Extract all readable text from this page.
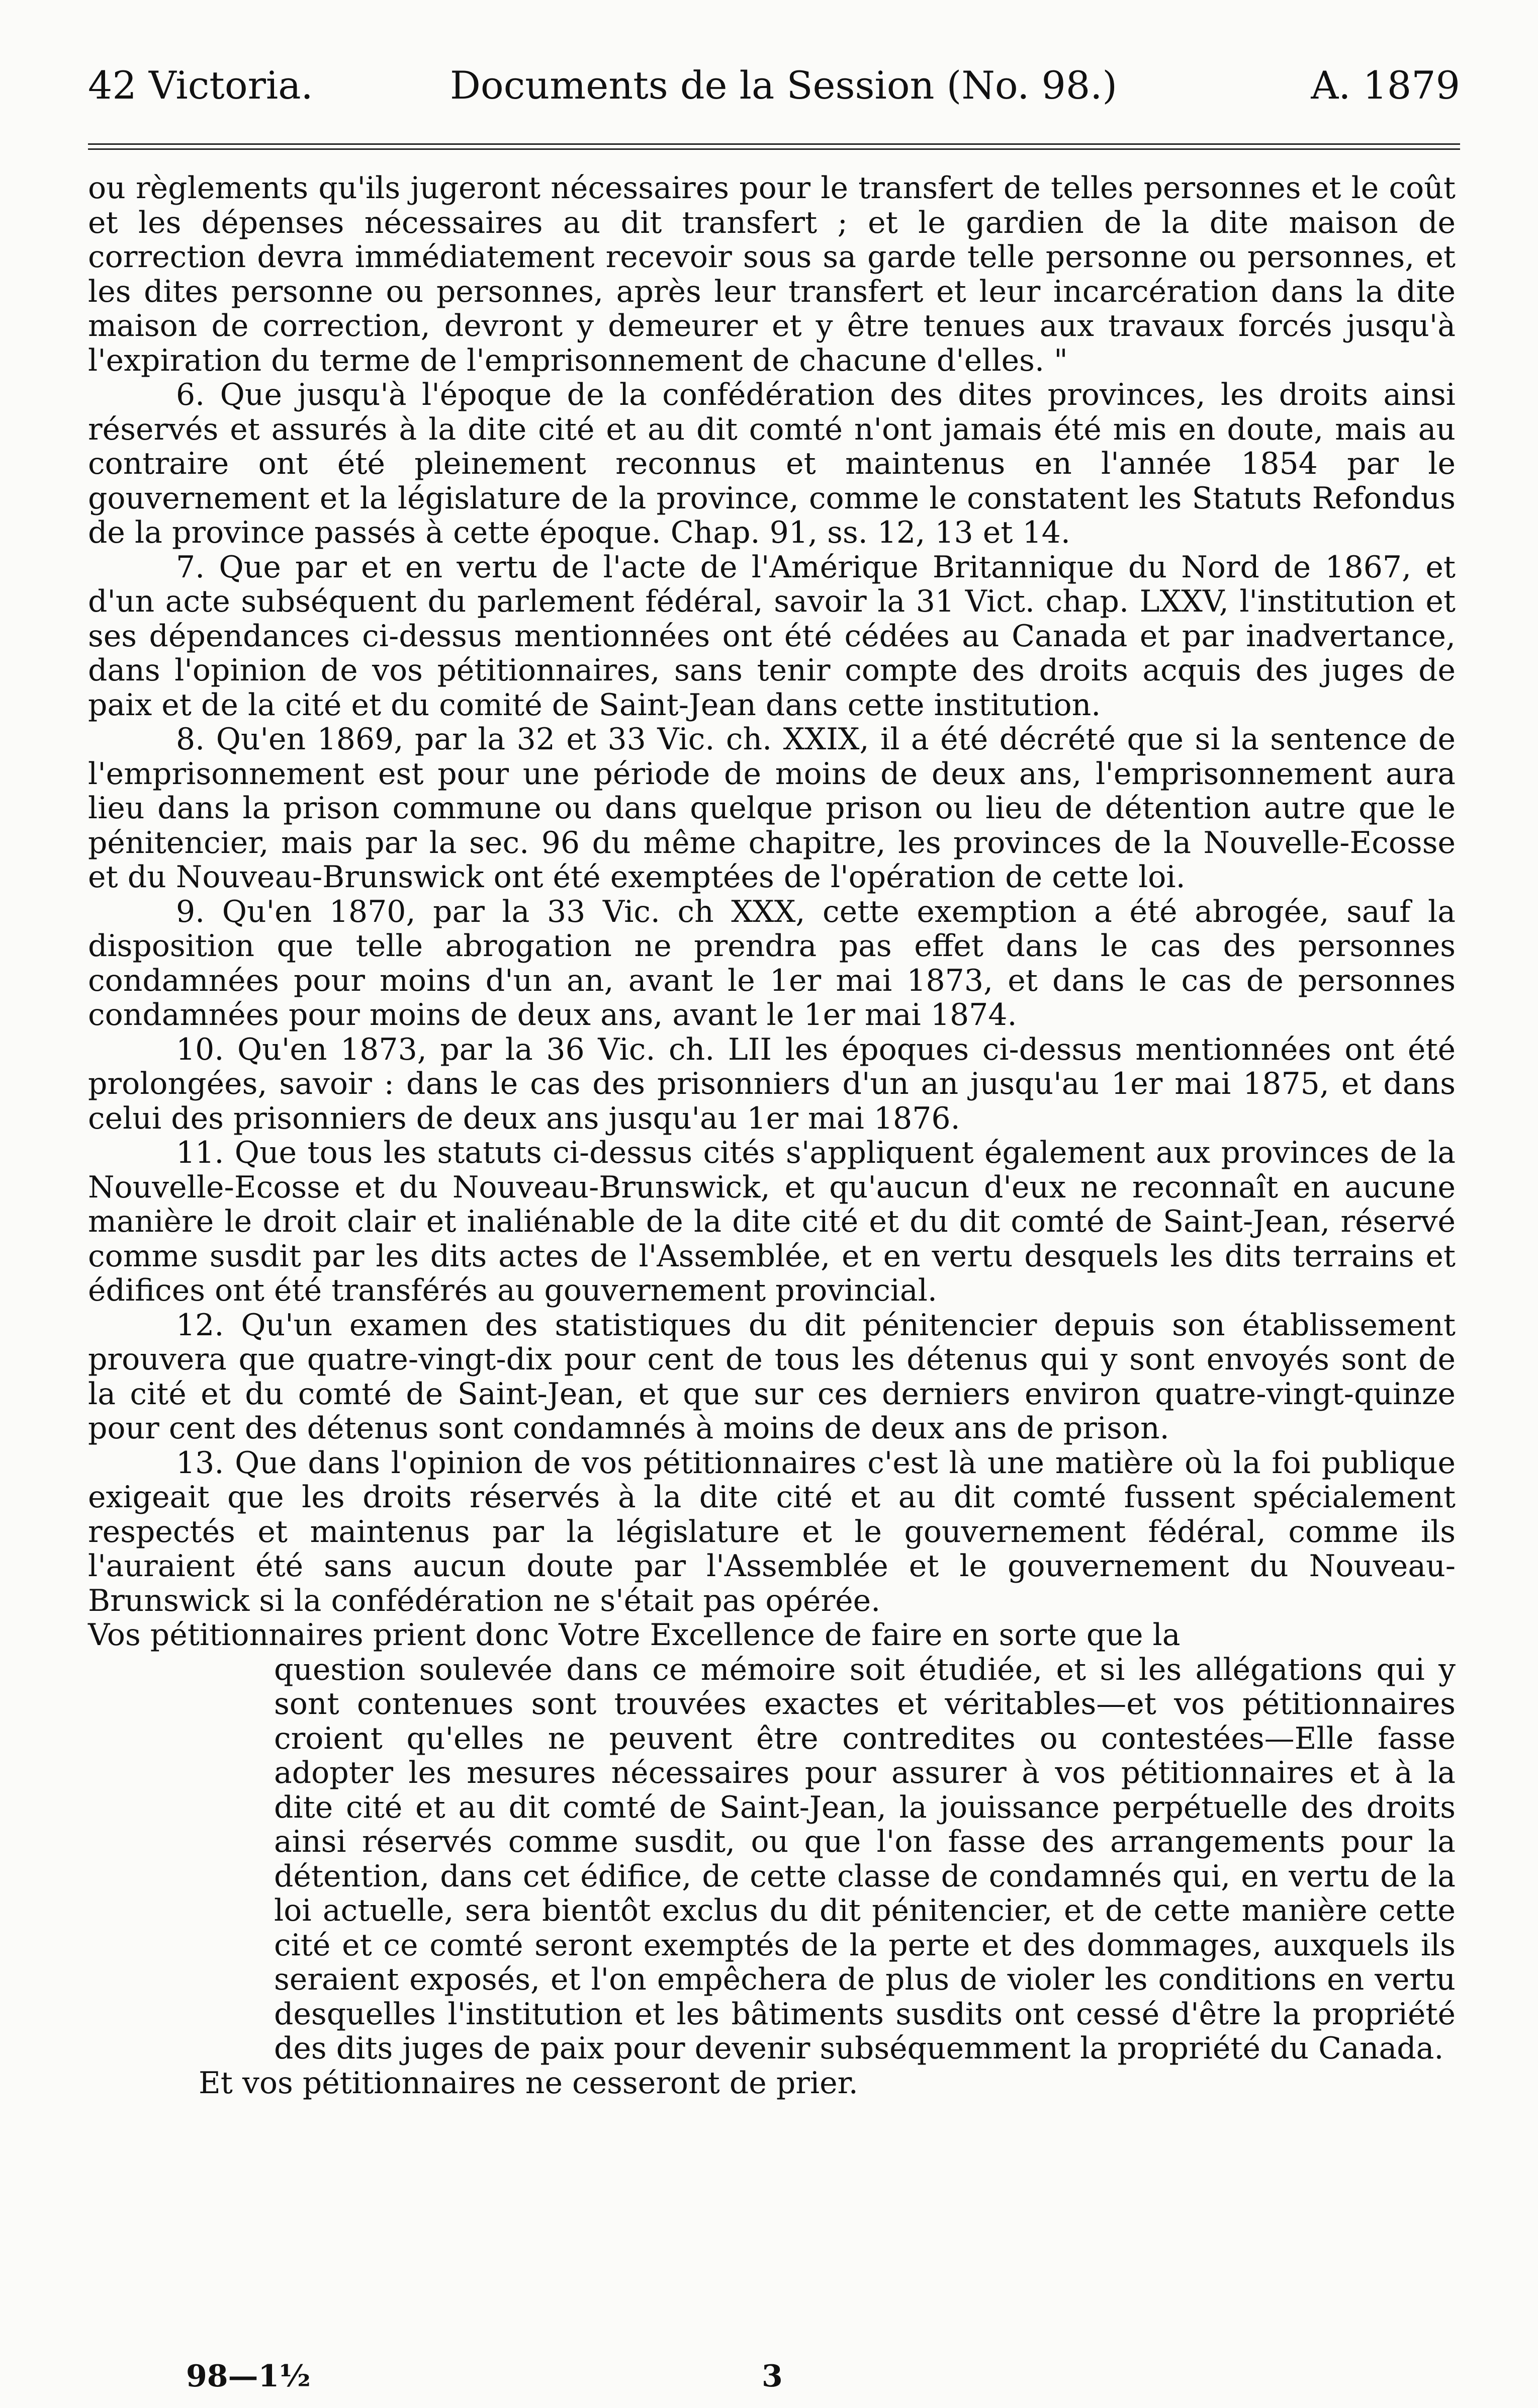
42 Victoria.	Documents de la Session (No. 98.)	A. 1879

ou règlements qu'ils jugeront nécessaires pour le transfert de telles personnes et le coût et les dépenses nécessaires au dit transfert ; et le gardien de la dite maison de correction devra immédiatement recevoir sous sa garde telle personne ou personnes, et les dites personne ou personnes, après leur transfert et leur incarcération dans la dite maison de correction, devront y demeurer et y être tenues aux travaux forcés jusqu'à l'expiration du terme de l'emprisonnement de chacune d'elles. "

6. Que jusqu'à l'époque de la confédération des dites provinces, les droits ainsi réservés et assurés à la dite cité et au dit comté n'ont jamais été mis en doute, mais au contraire ont été pleinement reconnus et maintenus en l'année 1854 par le gouvernement et la législature de la province, comme le constatent les Statuts Refondus de la province passés à cette époque. Chap. 91, ss. 12, 13 et 14.

7. Que par et en vertu de l'acte de l'Amérique Britannique du Nord de 1867, et d'un acte subséquent du parlement fédéral, savoir la 31 Vict. chap. LXXV, l'institution et ses dépendances ci-dessus mentionnées ont été cédées au Canada et par inadvertance, dans l'opinion de vos pétitionnaires, sans tenir compte des droits acquis des juges de paix et de la cité et du comité de Saint-Jean dans cette institution.

8. Qu'en 1869, par la 32 et 33 Vic. ch. XXIX, il a été décrété que si la sentence de l'emprisonnement est pour une période de moins de deux ans, l'emprisonnement aura lieu dans la prison commune ou dans quelque prison ou lieu de détention autre que le pénitencier, mais par la sec. 96 du même chapitre, les provinces de la Nouvelle-Ecosse et du Nouveau-Brunswick ont été exemptées de l'opération de cette loi.

9. Qu'en 1870, par la 33 Vic. ch XXX, cette exemption a été abrogée, sauf la disposition que telle abrogation ne prendra pas effet dans le cas des personnes condamnées pour moins d'un an, avant le 1er mai 1873, et dans le cas de personnes condamnées pour moins de deux ans, avant le 1er mai 1874.

10. Qu'en 1873, par la 36 Vic. ch. LII les époques ci-dessus mentionnées ont été prolongées, savoir : dans le cas des prisonniers d'un an jusqu'au 1er mai 1875, et dans celui des prisonniers de deux ans jusqu'au 1er mai 1876.

11. Que tous les statuts ci-dessus cités s'appliquent également aux provinces de la Nouvelle-Ecosse et du Nouveau-Brunswick, et qu'aucun d'eux ne reconnaît en aucune manière le droit clair et inaliénable de la dite cité et du dit comté de Saint-Jean, réservé comme susdit par les dits actes de l'Assemblée, et en vertu desquels les dits terrains et édifices ont été transférés au gouvernement provincial.

12. Qu'un examen des statistiques du dit pénitencier depuis son établissement prouvera que quatre-vingt-dix pour cent de tous les détenus qui y sont envoyés sont de la cité et du comté de Saint-Jean, et que sur ces derniers environ quatre-vingt-quinze pour cent des détenus sont condamnés à moins de deux ans de prison.

13. Que dans l'opinion de vos pétitionnaires c'est là une matière où la foi publique exigeait que les droits réservés à la dite cité et au dit comté fussent spécialement respectés et maintenus par la législature et le gouvernement fédéral, comme ils l'auraient été sans aucun doute par l'Assemblée et le gouvernement du Nouveau-Brunswick si la confédération ne s'était pas opérée.

Vos pétitionnaires prient donc Votre Excellence de faire en sorte que la

question soulevée dans ce mémoire soit étudiée, et si les allégations qui y sont contenues sont trouvées exactes et véritables—et vos pétitionnaires croient qu'elles ne peuvent être contredites ou contestées—Elle fasse adopter les mesures nécessaires pour assurer à vos pétitionnaires et à la dite cité et au dit comté de Saint-Jean, la jouissance perpétuelle des droits ainsi réservés comme susdit, ou que l'on fasse des arrangements pour la détention, dans cet édifice, de cette classe de condamnés qui, en vertu de la loi actuelle, sera bientôt exclus du dit pénitencier, et de cette manière cette cité et ce comté seront exemptés de la perte et des dommages, auxquels ils seraient exposés, et l'on empêchera de plus de violer les conditions en vertu desquelles l'institution et les bâtiments susdits ont cessé d'être la propriété des dits juges de paix pour devenir subséquemment la propriété du Canada.

Et vos pétitionnaires ne cesseront de prier.

98—1½	3
